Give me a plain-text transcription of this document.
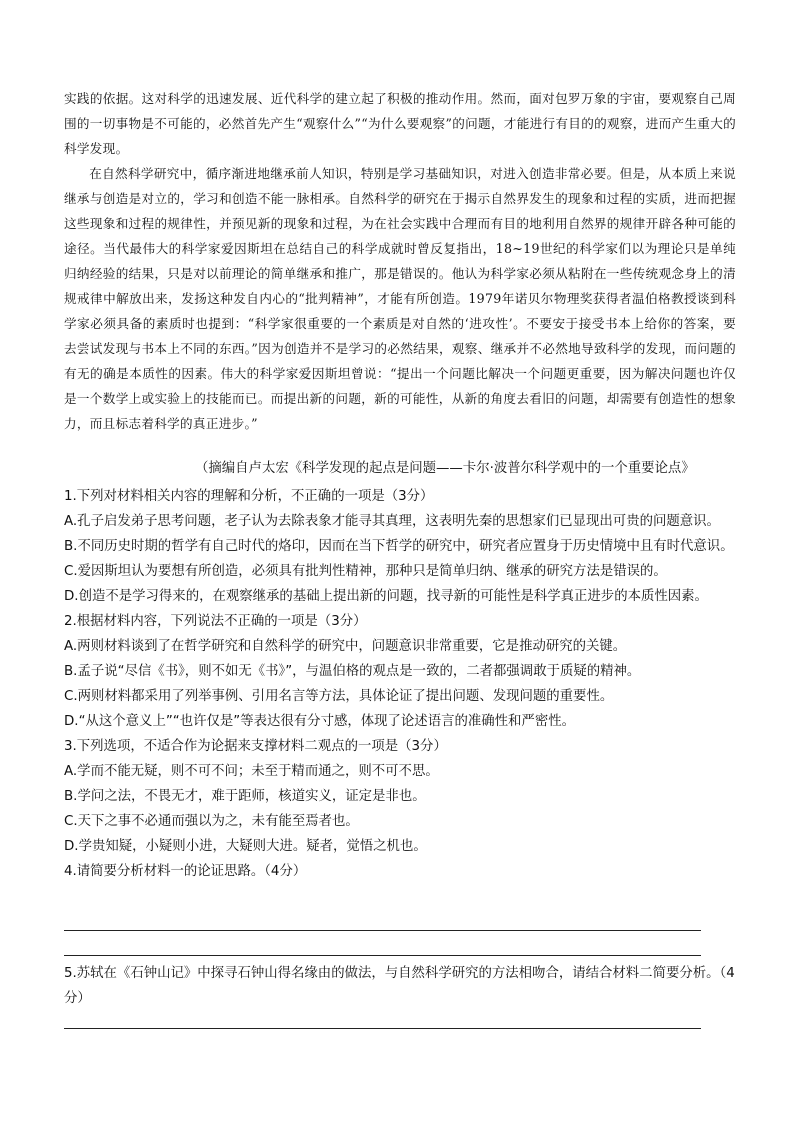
实践的依据。这对科学的迅速发展、近代科学的建立起了积极的推动作用。然而，面对包罗万象的宇宙，要观察自己周围的一切事物是不可能的，必然首先产生“观察什么”“为什么要观察”的问题，才能进行有目的的观察，进而产生重大的科学发现。

在自然科学研究中，循序渐进地继承前人知识，特别是学习基础知识，对进入创造非常必要。但是，从本质上来说继承与创造是对立的，学习和创造不能一脉相承。自然科学的研究在于揭示自然界发生的现象和过程的实质，进而把握这些现象和过程的规律性，并预见新的现象和过程，为在社会实践中合理而有目的地利用自然界的规律开辟各种可能的途径。当代最伟大的科学家爱因斯坦在总结自己的科学成就时曾反复指出，18~19世纪的科学家们以为理论只是单纯归纳经验的结果，只是对以前理论的简单继承和推广，那是错误的。他认为科学家必须从粘附在一些传统观念身上的清规戒律中解放出来，发扬这种发自内心的“批判精神”，才能有所创造。1979年诺贝尔物理奖获得者温伯格教授谈到科学家必须具备的素质时也提到：“科学家很重要的一个素质是对自然的‘进攻性’。不要安于接受书本上给你的答案，要去尝试发现与书本上不同的东西。”因为创造并不是学习的必然结果，观察、继承并不必然地导致科学的发现，而问题的有无的确是本质性的因素。伟大的科学家爱因斯坦曾说：“提出一个问题比解决一个问题更重要，因为解决问题也许仅是一个数学上或实验上的技能而已。而提出新的问题，新的可能性，从新的角度去看旧的问题，却需要有创造性的想象力，而且标志着科学的真正进步。”

（摘编自卢太宏《科学发现的起点是问题——卡尔·波普尔科学观中的一个重要论点》

1.下列对材料相关内容的理解和分析，不正确的一项是（3分）

A.孔子启发弟子思考问题，老子认为去除表象才能寻其真理，这表明先秦的思想家们已显现出可贵的问题意识。

B.不同历史时期的哲学有自己时代的烙印，因而在当下哲学的研究中，研究者应置身于历史情境中且有时代意识。

C.爱因斯坦认为要想有所创造，必须具有批判性精神，那种只是简单归纳、继承的研究方法是错误的。

D.创造不是学习得来的，在观察继承的基础上提出新的问题，找寻新的可能性是科学真正进步的本质性因素。

2.根据材料内容，下列说法不正确的一项是（3分）

A.两则材料谈到了在哲学研究和自然科学的研究中，问题意识非常重要，它是推动研究的关键。

B.孟子说“尽信《书》，则不如无《书》”，与温伯格的观点是一致的，二者都强调敢于质疑的精神。

C.两则材料都采用了列举事例、引用名言等方法，具体论证了提出问题、发现问题的重要性。

D.“从这个意义上”“也许仅是”等表达很有分寸感，体现了论述语言的准确性和严密性。

3.下列选项，不适合作为论据来支撑材料二观点的一项是（3分）

A.学而不能无疑，则不可不问；未至于精而通之，则不可不思。

B.学问之法，不畏无才，难于距师，核道实义，证定是非也。

C.天下之事不必通而强以为之，未有能至焉者也。

D.学贵知疑，小疑则小进，大疑则大进。疑者，觉悟之机也。

4.请简要分析材料一的论证思路。（4分）

5.苏轼在《石钟山记》中探寻石钟山得名缘由的做法，与自然科学研究的方法相吻合，请结合材料二简要分析。（4分）
